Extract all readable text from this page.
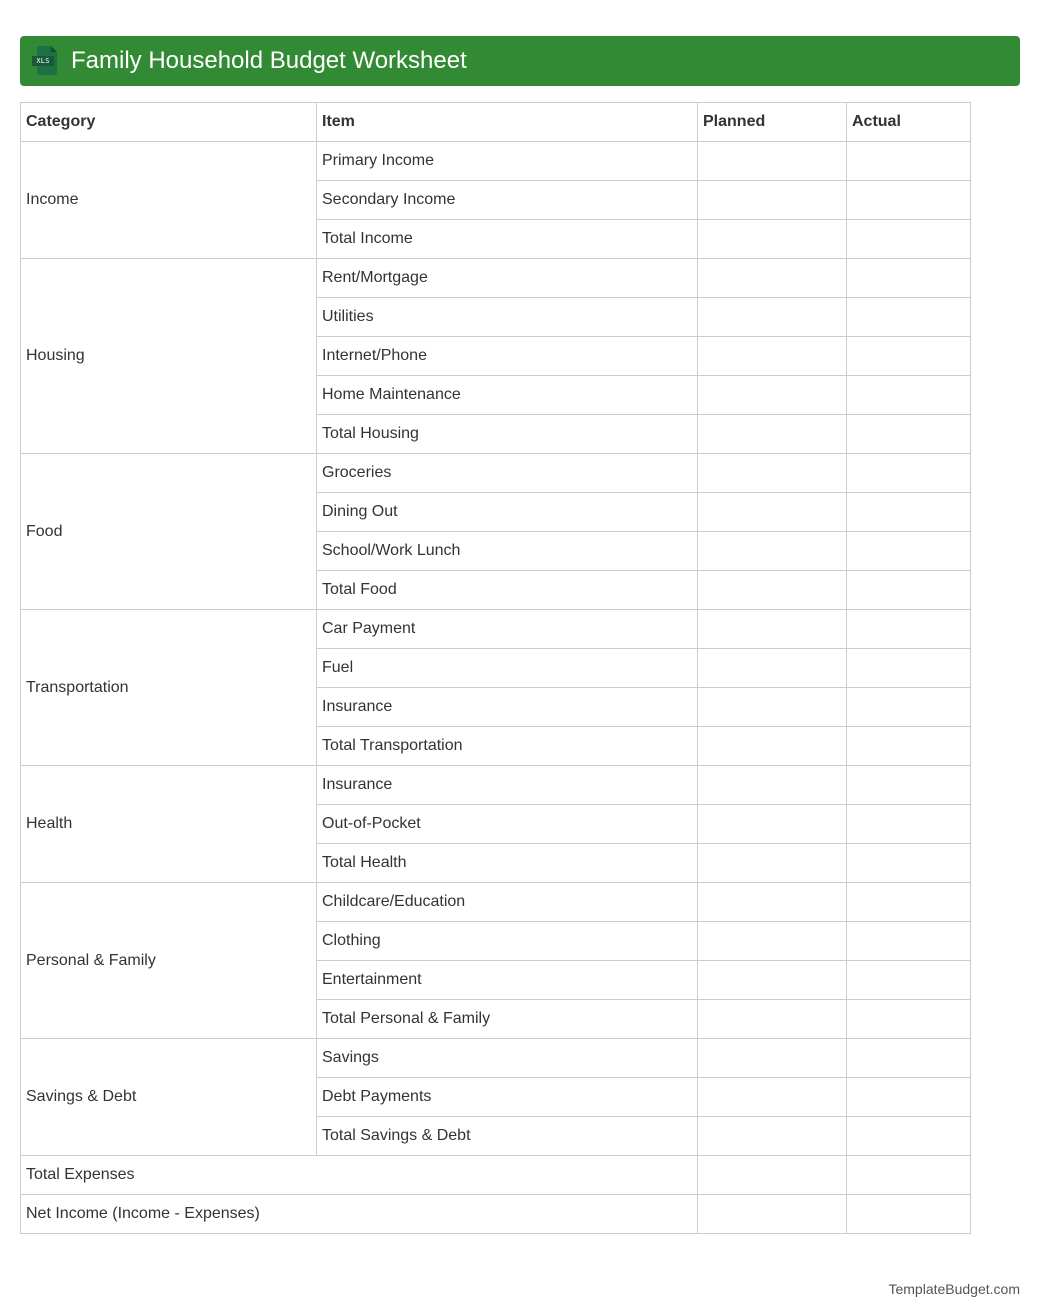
XLS Family Household Budget Worksheet
Category	Item	Planned	Actual
Income	Primary Income		
	Secondary Income		
	Total Income		
Housing	Rent/Mortgage		
	Utilities		
	Internet/Phone		
	Home Maintenance		
	Total Housing		
Food	Groceries		
	Dining Out		
	School/Work Lunch		
	Total Food		
Transportation	Car Payment		
	Fuel		
	Insurance		
	Total Transportation		
Health	Insurance		
	Out-of-Pocket		
	Total Health		
Personal & Family	Childcare/Education		
	Clothing		
	Entertainment		
	Total Personal & Family		
Savings & Debt	Savings		
	Debt Payments		
	Total Savings & Debt		
Total Expenses			
Net Income (Income - Expenses)			
TemplateBudget.com
